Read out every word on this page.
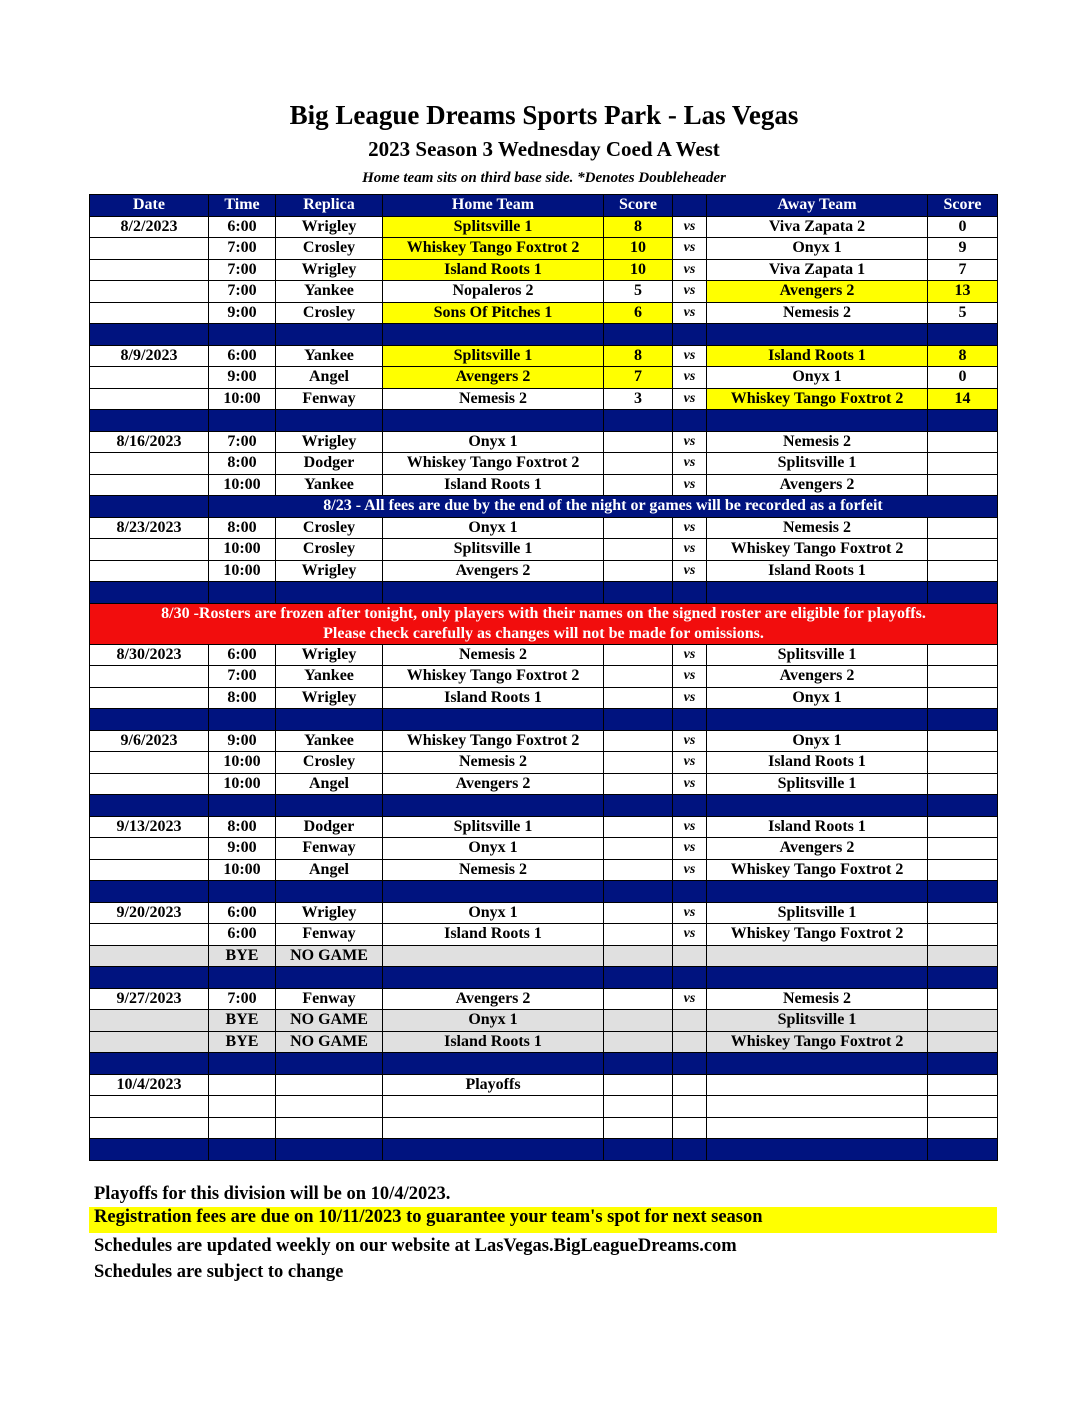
Big League Dreams Sports Park - Las Vegas
2023 Season 3 Wednesday Coed A West
Home team sits on third base side. *Denotes Doubleheader
Date	Time	Replica	Home Team	Score		Away Team	Score
8/2/2023	6:00	Wrigley	Splitsville 1	8	vs	Viva Zapata 2	0
	7:00	Crosley	Whiskey Tango Foxtrot 2	10	vs	Onyx 1	9
	7:00	Wrigley	Island Roots 1	10	vs	Viva Zapata 1	7
	7:00	Yankee	Nopaleros 2	5	vs	Avengers 2	13
	9:00	Crosley	Sons Of Pitches 1	6	vs	Nemesis 2	5

8/9/2023	6:00	Yankee	Splitsville 1	8	vs	Island Roots 1	8
	9:00	Angel	Avengers 2	7	vs	Onyx 1	0
	10:00	Fenway	Nemesis 2	3	vs	Whiskey Tango Foxtrot 2	14

8/16/2023	7:00	Wrigley	Onyx 1		vs	Nemesis 2	
	8:00	Dodger	Whiskey Tango Foxtrot 2		vs	Splitsville 1	
	10:00	Yankee	Island Roots 1		vs	Avengers 2	
	8/23 - All fees are due by the end of the night or games will be recorded as a forfeit						
8/23/2023	8:00	Crosley	Onyx 1		vs	Nemesis 2	
	10:00	Crosley	Splitsville 1		vs	Whiskey Tango Foxtrot 2	
	10:00	Wrigley	Avengers 2		vs	Island Roots 1	

8/30 -Rosters are frozen after tonight, only players with their names on the signed roster are eligible for playoffs.
Please check carefully as changes will not be made for omissions.							

8/30/2023	6:00	Wrigley	Nemesis 2		vs	Splitsville 1	
	7:00	Yankee	Whiskey Tango Foxtrot 2		vs	Avengers 2	
	8:00	Wrigley	Island Roots 1		vs	Onyx 1	

9/6/2023	9:00	Yankee	Whiskey Tango Foxtrot 2		vs	Onyx 1	
	10:00	Crosley	Nemesis 2		vs	Island Roots 1	
	10:00	Angel	Avengers 2		vs	Splitsville 1	

9/13/2023	8:00	Dodger	Splitsville 1		vs	Island Roots 1	
	9:00	Fenway	Onyx 1		vs	Avengers 2	
	10:00	Angel	Nemesis 2		vs	Whiskey Tango Foxtrot 2	

9/20/2023	6:00	Wrigley	Onyx 1		vs	Splitsville 1	
	6:00	Fenway	Island Roots 1		vs	Whiskey Tango Foxtrot 2	
	BYE	NO GAME					

9/27/2023	7:00	Fenway	Avengers 2		vs	Nemesis 2	
	BYE	NO GAME	Onyx 1			Splitsville 1	
	BYE	NO GAME	Island Roots 1			Whiskey Tango Foxtrot 2	

10/4/2023			Playoffs				

Playoffs for this division will be on 10/4/2023.
Registration fees are due on 10/11/2023 to guarantee your team's spot for next season
Schedules are updated weekly on our website at LasVegas.BigLeagueDreams.com
Schedules are subject to change
